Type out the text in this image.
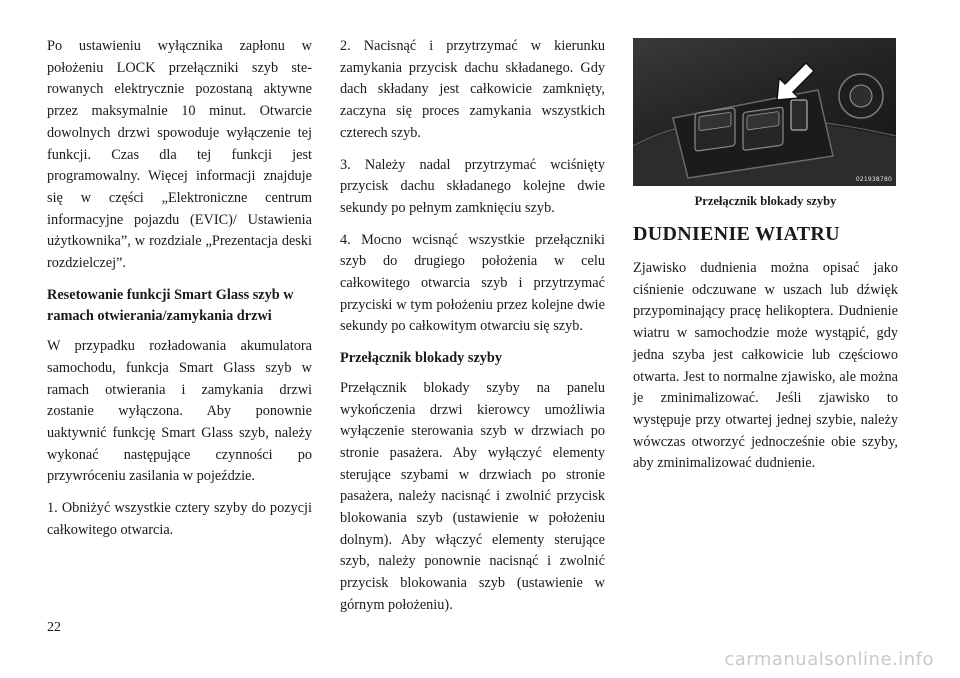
Po ustawieniu wyłącznika zapłonu w położeniu LOCK przełączniki szyb sterowanych elektrycznie pozostaną aktywne przez maksymalnie 10 minut. Otwarcie dowolnych drzwi spowoduje wyłączenie tej funkcji. Czas dla tej funkcji jest programowalny. Więcej informacji znajduje się w części „Elektroniczne centrum informacyjne pojazdu (EVIC)/ Ustawienia użytkownika”, w rozdziale „Prezentacja deski rozdzielczej”.

Resetowanie funkcji Smart Glass szyb w ramach otwierania/zamykania drzwi

W przypadku rozładowania akumulatora samochodu, funkcja Smart Glass szyb w ramach otwierania i zamykania drzwi zostanie wyłączona. Aby ponownie uaktywnić funkcję Smart Glass szyb, należy wykonać następujące czynności po przywróceniu zasilania w pojeździe.

1. Obniżyć wszystkie cztery szyby do pozycji całkowitego otwarcia.

2. Nacisnąć i przytrzymać w kierunku zamykania przycisk dachu składanego. Gdy dach składany jest całkowicie zamknięty, zaczyna się proces zamykania wszystkich czterech szyb.

3. Należy nadal przytrzymać wciśnięty przycisk dachu składanego kolejne dwie sekundy po pełnym zamknięciu szyb.

4. Mocno wcisnąć wszystkie przełączniki szyb do drugiego położenia w celu całkowitego otwarcia szyb i przytrzymać przyciski w tym położeniu przez kolejne dwie sekundy po całkowitym otwarciu się szyb.

Przełącznik blokady szyby

Przełącznik blokady szyby na panelu wykończenia drzwi kierowcy umożliwia wyłączenie sterowania szyb w drzwiach po stronie pasażera. Aby wyłączyć elementy sterujące szybami w drzwiach po stronie pasażera, należy nacisnąć i zwolnić przycisk blokowania szyb (ustawienie w położeniu dolnym). Aby włączyć elementy sterujące szyb, należy ponownie nacisnąć i zwolnić przycisk blokowania szyb (ustawienie w górnym położeniu).

021938780
Przełącznik blokady szyby
DUDNIENIE WIATRU

Zjawisko dudnienia można opisać jako ciśnienie odczuwane w uszach lub dźwięk przypominający pracę helikoptera. Dudnienie wiatru w samochodzie może wystąpić, gdy jedna szyba jest całkowicie lub częściowo otwarta. Jest to normalne zjawisko, ale można je zminimalizować. Jeśli zjawisko to występuje przy otwartej jednej szybie, należy wówczas otworzyć jednocześnie obie szyby, aby zminimalizować dudnienie.

22
carmanualsonline.info
